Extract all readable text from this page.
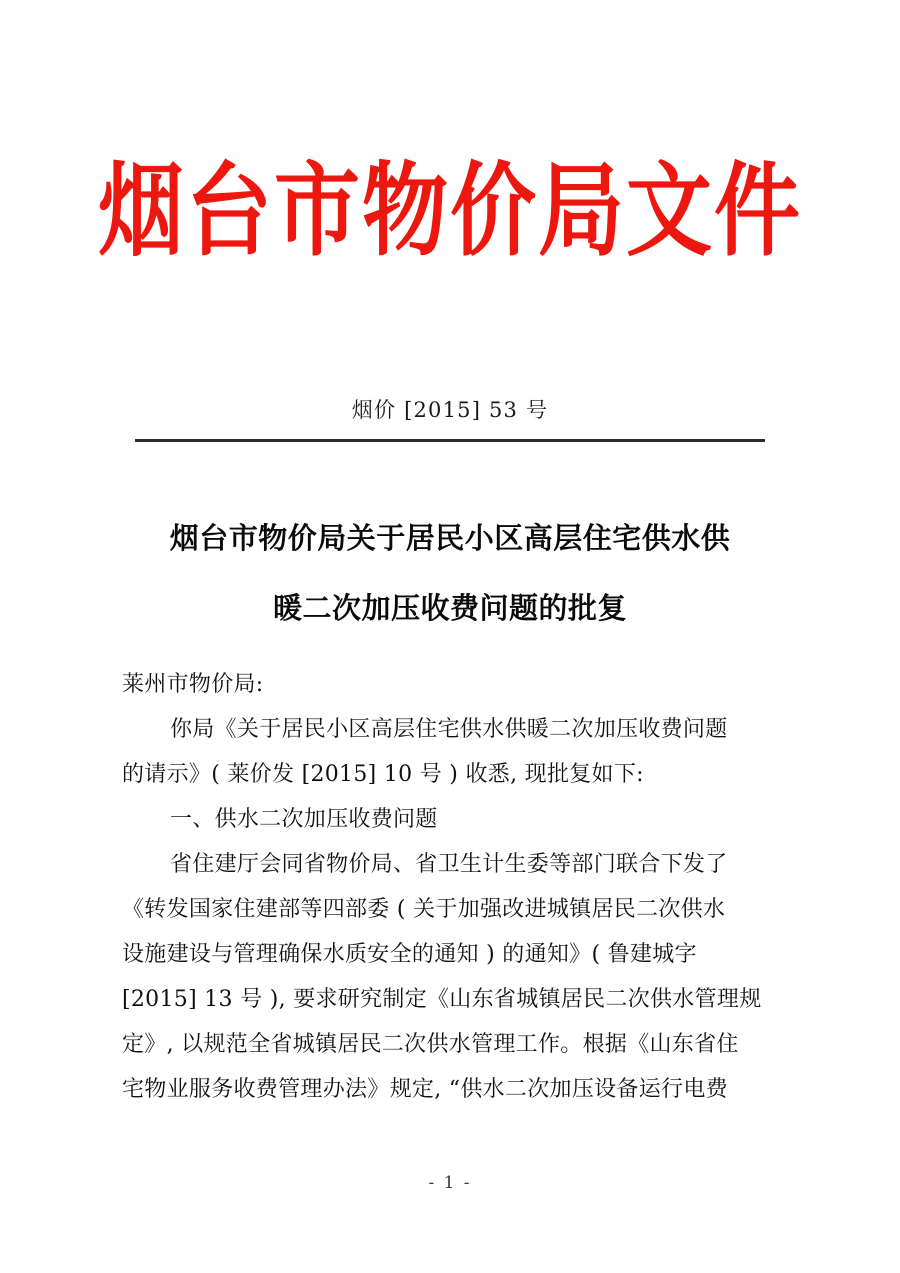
烟台市物价局文件
烟价 [2015] 53 号
烟台市物价局关于居民小区高层住宅供水供
暖二次加压收费问题的批复
莱州市物价局:
你局《关于居民小区高层住宅供水供暖二次加压收费问题
的请示》( 莱价发 [2015] 10 号 ) 收悉, 现批复如下:
一、供水二次加压收费问题
省住建厅会同省物价局、省卫生计生委等部门联合下发了
《转发国家住建部等四部委 ( 关于加强改进城镇居民二次供水
设施建设与管理确保水质安全的通知 ) 的通知》( 鲁建城字
[2015] 13 号 ), 要求研究制定《山东省城镇居民二次供水管理规
定》, 以规范全省城镇居民二次供水管理工作。根据《山东省住
宅物业服务收费管理办法》规定, “供水二次加压设备运行电费
- 1 -
